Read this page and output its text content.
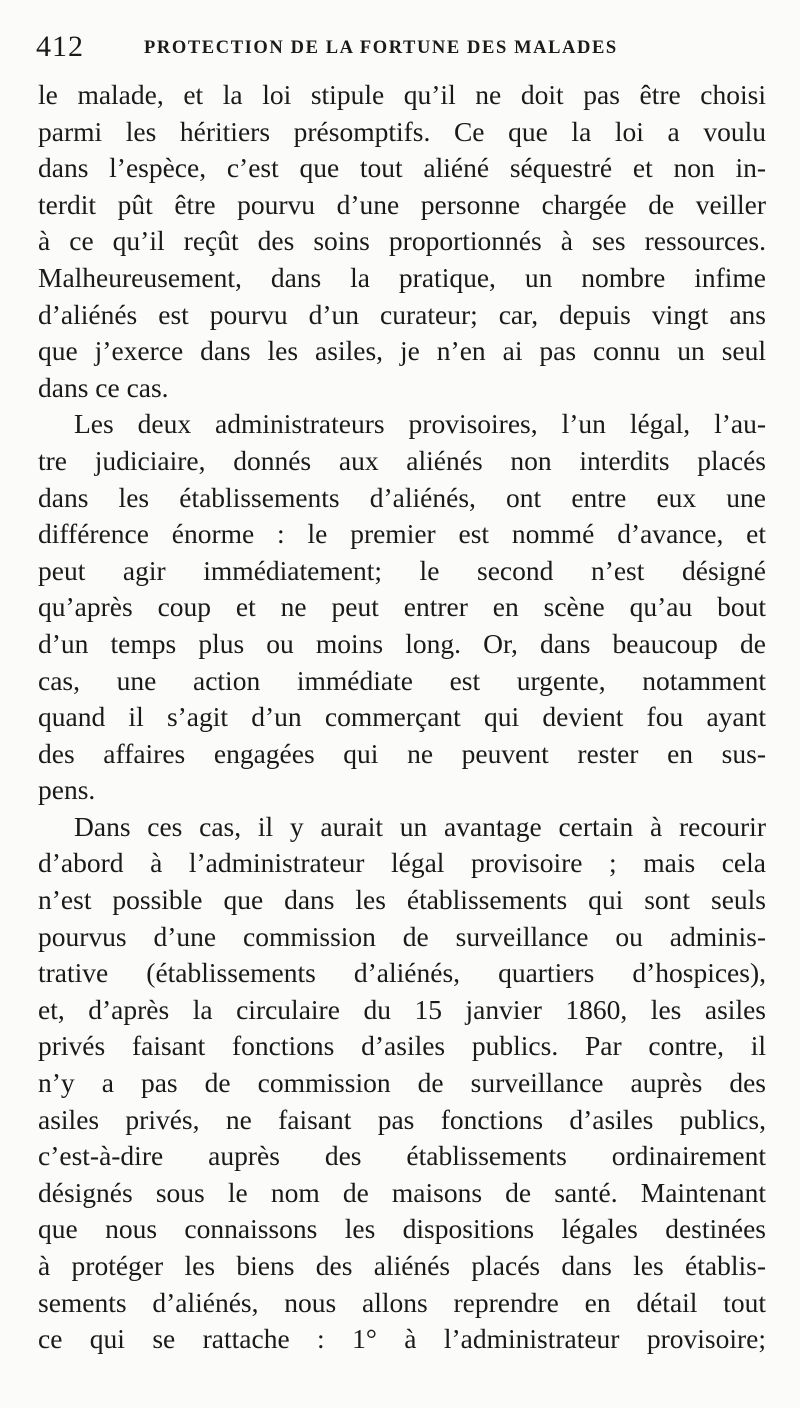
412	PROTECTION DE LA FORTUNE DES MALADES
le malade, et la loi stipule qu’il ne doit pas être choisi
parmi les héritiers présomptifs. Ce que la loi a voulu
dans l’espèce, c’est que tout aliéné séquestré et non in-
terdit pût être pourvu d’une personne chargée de veiller
à ce qu’il reçût des soins proportionnés à ses ressources.
Malheureusement, dans la pratique, un nombre infime
d’aliénés est pourvu d’un curateur; car, depuis vingt ans
que j’exerce dans les asiles, je n’en ai pas connu un seul
dans ce cas.
Les deux administrateurs provisoires, l’un légal, l’au-
tre judiciaire, donnés aux aliénés non interdits placés
dans les établissements d’aliénés, ont entre eux une
différence énorme : le premier est nommé d’avance, et
peut agir immédiatement; le second n’est désigné
qu’après coup et ne peut entrer en scène qu’au bout
d’un temps plus ou moins long. Or, dans beaucoup de
cas, une action immédiate est urgente, notamment
quand il s’agit d’un commerçant qui devient fou ayant
des affaires engagées qui ne peuvent rester en sus-
pens.
Dans ces cas, il y aurait un avantage certain à recourir
d’abord à l’administrateur légal provisoire ; mais cela
n’est possible que dans les établissements qui sont seuls
pourvus d’une commission de surveillance ou adminis-
trative (établissements d’aliénés, quartiers d’hospices),
et, d’après la circulaire du 15 janvier 1860, les asiles
privés faisant fonctions d’asiles publics. Par contre, il
n’y a pas de commission de surveillance auprès des
asiles privés, ne faisant pas fonctions d’asiles publics,
c’est-à-dire auprès des établissements ordinairement
désignés sous le nom de maisons de santé. Maintenant
que nous connaissons les dispositions légales destinées
à protéger les biens des aliénés placés dans les établis-
sements d’aliénés, nous allons reprendre en détail tout
ce qui se rattache : 1° à l’administrateur provisoire;
